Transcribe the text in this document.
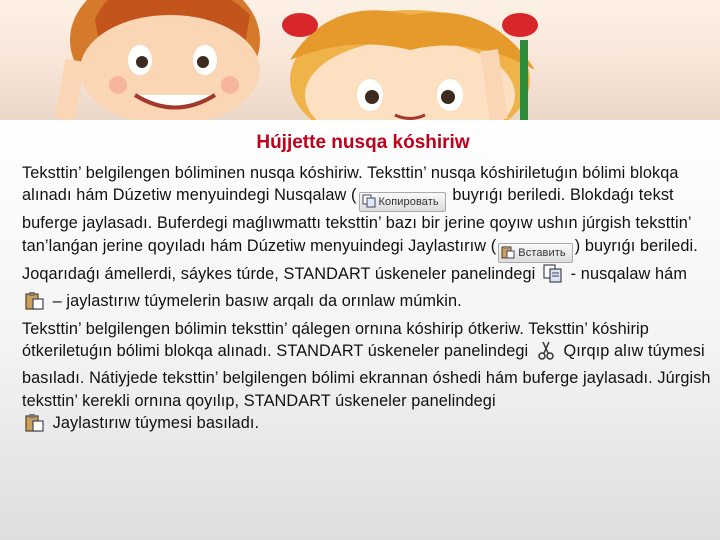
Hújjette nusqa kóshiriw

Teksttin’ belgilengen bóliminen nusqa kóshiriw. Teksttin’ nusqa kóshiriletuǵın bólimi blokqa alınadı hám Dúzetiw menyuindegi Nusqalaw ( Копировать buyrıǵı beriledi. Blokdaǵı tekst buferge jaylasadı. Buferdegi maǵlıwmattı teksttin’ bazı bir jerine qoyıw ushın júrgish teksttin’ tan’lanǵan jerine qoyıladı hám Dúzetiw menyuindegi Jaylastırıw ( Вставить ) buyrıǵı beriledi. Joqarıdaǵı ámellerdi, sáykes túrde, STANDART úskeneler panelindegi  - nusqalaw hám  – jaylastırıw túymelerin basıw arqalı da orınlaw múmkin.

Teksttin’ belgilengen bólimin teksttin’ qálegen ornına kóshirip ótkeriw. Teksttin’ kóshirip ótkeriletuǵın bólimi blokqa alınadı. STANDART úskeneler panelindegi  Qırqıp alıw túymesi basıladı. Nátiyjede teksttin’ belgilengen bólimi ekrannan óshedi hám buferge jaylasadı. Júrgish teksttin’ kerekli ornına qoyılıp, STANDART úskeneler panelindegi
Jaylastırıw túymesi basıladı.
